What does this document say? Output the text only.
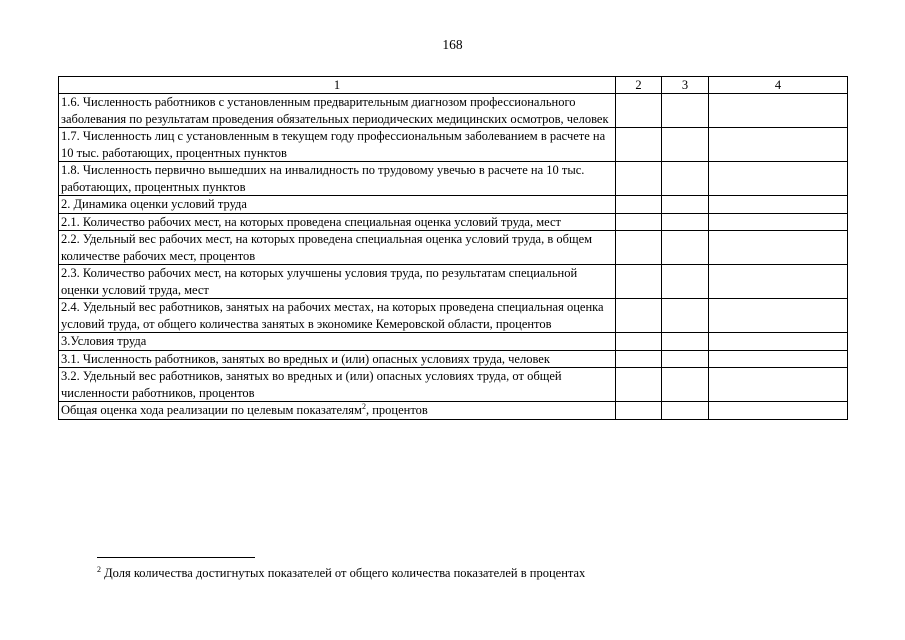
168
1	2	3	4
1.6. Численность работников с установленным предварительным диагнозом профессионального заболевания по результатам проведения обязательных периодических медицинских осмотров, человек			
1.7. Численность лиц с установленным в текущем году профессиональным заболеванием в расчете на 10 тыс. работающих, процентных пунктов			
1.8. Численность первично вышедших на инвалидность по трудовому увечью в расчете на 10 тыс. работающих, процентных пунктов			
2. Динамика оценки условий труда			
2.1. Количество рабочих мест, на которых проведена специальная оценка условий труда, мест			
2.2. Удельный вес рабочих мест, на которых проведена специальная оценка условий труда, в общем количестве рабочих мест, процентов			
2.3. Количество рабочих мест, на которых улучшены условия труда, по результатам специальной оценки условий труда, мест			
2.4. Удельный вес работников, занятых на рабочих местах, на которых проведена специальная оценка условий труда, от общего количества занятых в экономике Кемеровской области, процентов			
3.Условия труда			
3.1. Численность работников, занятых во вредных и (или) опасных условиях труда, человек			
3.2. Удельный вес работников, занятых во вредных и (или) опасных условиях труда, от общей численности работников, процентов			
Общая оценка хода реализации по целевым показателям$^2$, процентов			
$^2$ Доля количества достигнутых показателей от общего количества показателей в процентах
